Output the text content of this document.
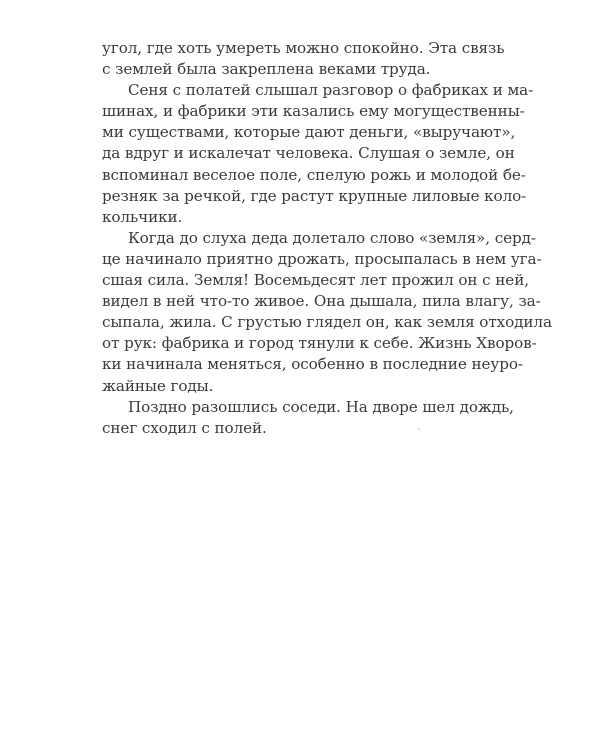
угол, где хоть умереть можно спокойно. Эта связь
с землей была закреплена веками труда.
Сеня с полатей слышал разговор о фабриках и ма-
шинах, и фабрики эти казались ему могущественны-
ми существами, которые дают деньги, «выручают»,
да вдруг и искалечат человека. Слушая о земле, он
вспоминал веселое поле, спелую рожь и молодой бе-
резняк за речкой, где растут крупные лиловые коло-
кольчики.
Когда до слуха деда долетало слово «земля», серд-
це начинало приятно дрожать, просыпалась в нем уга-
сшая сила. Земля! Восемьдесят лет прожил он с ней,
видел в ней что-то живое. Она дышала, пила влагу, за-
сыпала, жила. С грустью глядел он, как земля отходила
от рук: фабрика и город тянули к себе. Жизнь Хворов-
ки начинала меняться, особенно в последние неуро-
жайные годы.
Поздно разошлись соседи. На дворе шел дождь,
снег сходил с полей.
